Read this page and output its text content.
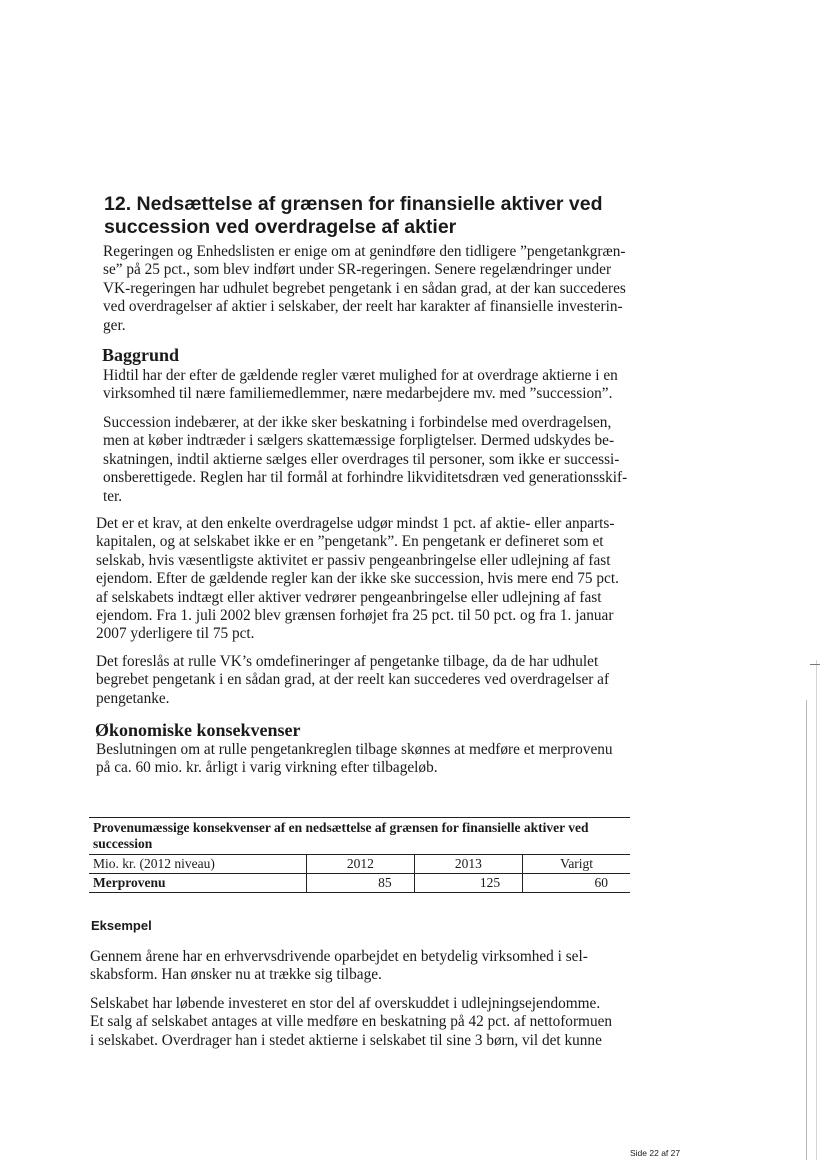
12. Nedsættelse af grænsen for finansielle aktiver ved
succession ved overdragelse af aktier

Regeringen og Enhedslisten er enige om at genindføre den tidligere ”pengetankgræn-
se” på 25 pct., som blev indført under SR-regeringen. Senere regelændringer under
VK-regeringen har udhulet begrebet pengetank i en sådan grad, at der kan succederes
ved overdragelser af aktier i selskaber, der reelt har karakter af finansielle investerin-
ger.

Baggrund

Hidtil har der efter de gældende regler været mulighed for at overdrage aktierne i en
virksomhed til nære familiemedlemmer, nære medarbejdere mv. med ”succession”.

Succession indebærer, at der ikke sker beskatning i forbindelse med overdragelsen,
men at køber indtræder i sælgers skattemæssige forpligtelser. Dermed udskydes be-
skatningen, indtil aktierne sælges eller overdrages til personer, som ikke er successi-
onsberettigede. Reglen har til formål at forhindre likviditetsdræn ved generationsskif-
ter.

Det er et krav, at den enkelte overdragelse udgør mindst 1 pct. af aktie- eller anparts-
kapitalen, og at selskabet ikke er en ”pengetank”. En pengetank er defineret som et
selskab, hvis væsentligste aktivitet er passiv pengeanbringelse eller udlejning af fast
ejendom. Efter de gældende regler kan der ikke ske succession, hvis mere end 75 pct.
af selskabets indtægt eller aktiver vedrører pengeanbringelse eller udlejning af fast
ejendom. Fra 1. juli 2002 blev grænsen forhøjet fra 25 pct. til 50 pct. og fra 1. januar
2007 yderligere til 75 pct.

Det foreslås at rulle VK’s omdefineringer af pengetanke tilbage, da de har udhulet
begrebet pengetank i en sådan grad, at der reelt kan succederes ved overdragelser af
pengetanke.

Økonomiske konsekvenser

Beslutningen om at rulle pengetankreglen tilbage skønnes at medføre et merprovenu
på ca. 60 mio. kr. årligt i varig virkning efter tilbageløb.

Provenumæssige konsekvenser af en nedsættelse af grænsen for finansielle aktiver ved
succession

Mio. kr. (2012 niveau)	2012	2013	Varigt
Merprovenu	85	125	60
Eksempel

Gennem årene har en erhvervsdrivende oparbejdet en betydelig virksomhed i sel-
skabsform. Han ønsker nu at trække sig tilbage.

Selskabet har løbende investeret en stor del af overskuddet i udlejningsejendomme.
Et salg af selskabet antages at ville medføre en beskatning på 42 pct. af nettoformuen
i selskabet. Overdrager han i stedet aktierne i selskabet til sine 3 børn, vil det kunne

Side 22 af 27
